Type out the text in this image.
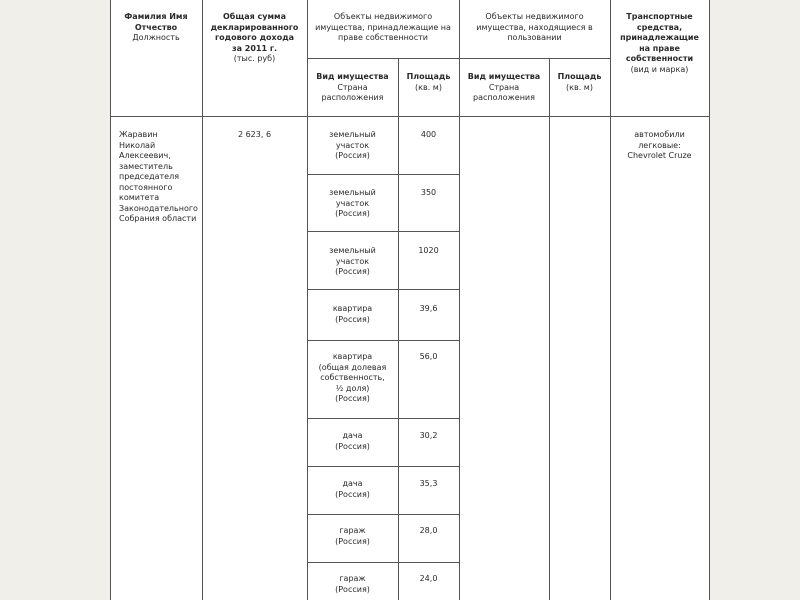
Фамилия Имя
Отчество
Должность
Общая сумма
декларированного
годового дохода
за 2011 г.
(тыс. руб)
Объекты недвижимого
имущества, принадлежащие на
праве собственности
Объекты недвижимого
имущества, находящиеся в
пользовании
Транспортные
средства,
принадлежащие
на праве
собственности
(вид и марка)
Вид имущества
Страна
расположения
Площадь
(кв. м)
Вид имущества
Страна
расположения
Площадь
(кв. м)
Жаравин
Николай
Алексеевич,
заместитель
председателя
постоянного
комитета
Законодательного
Собрания области
2 623, 6	автомобили
легковые:
Chevrolet Cruze
земельный
участок
(Россия)
400
земельный
участок
(Россия)
350
земельный
участок
(Россия)
1020
квартира
(Россия)
39,6
квартира
(общая долевая
собственность,
½ доля)
(Россия)
56,0
дача
(Россия)
30,2
дача
(Россия)
35,3
гараж
(Россия)
28,0
гараж
(Россия)
24,0
